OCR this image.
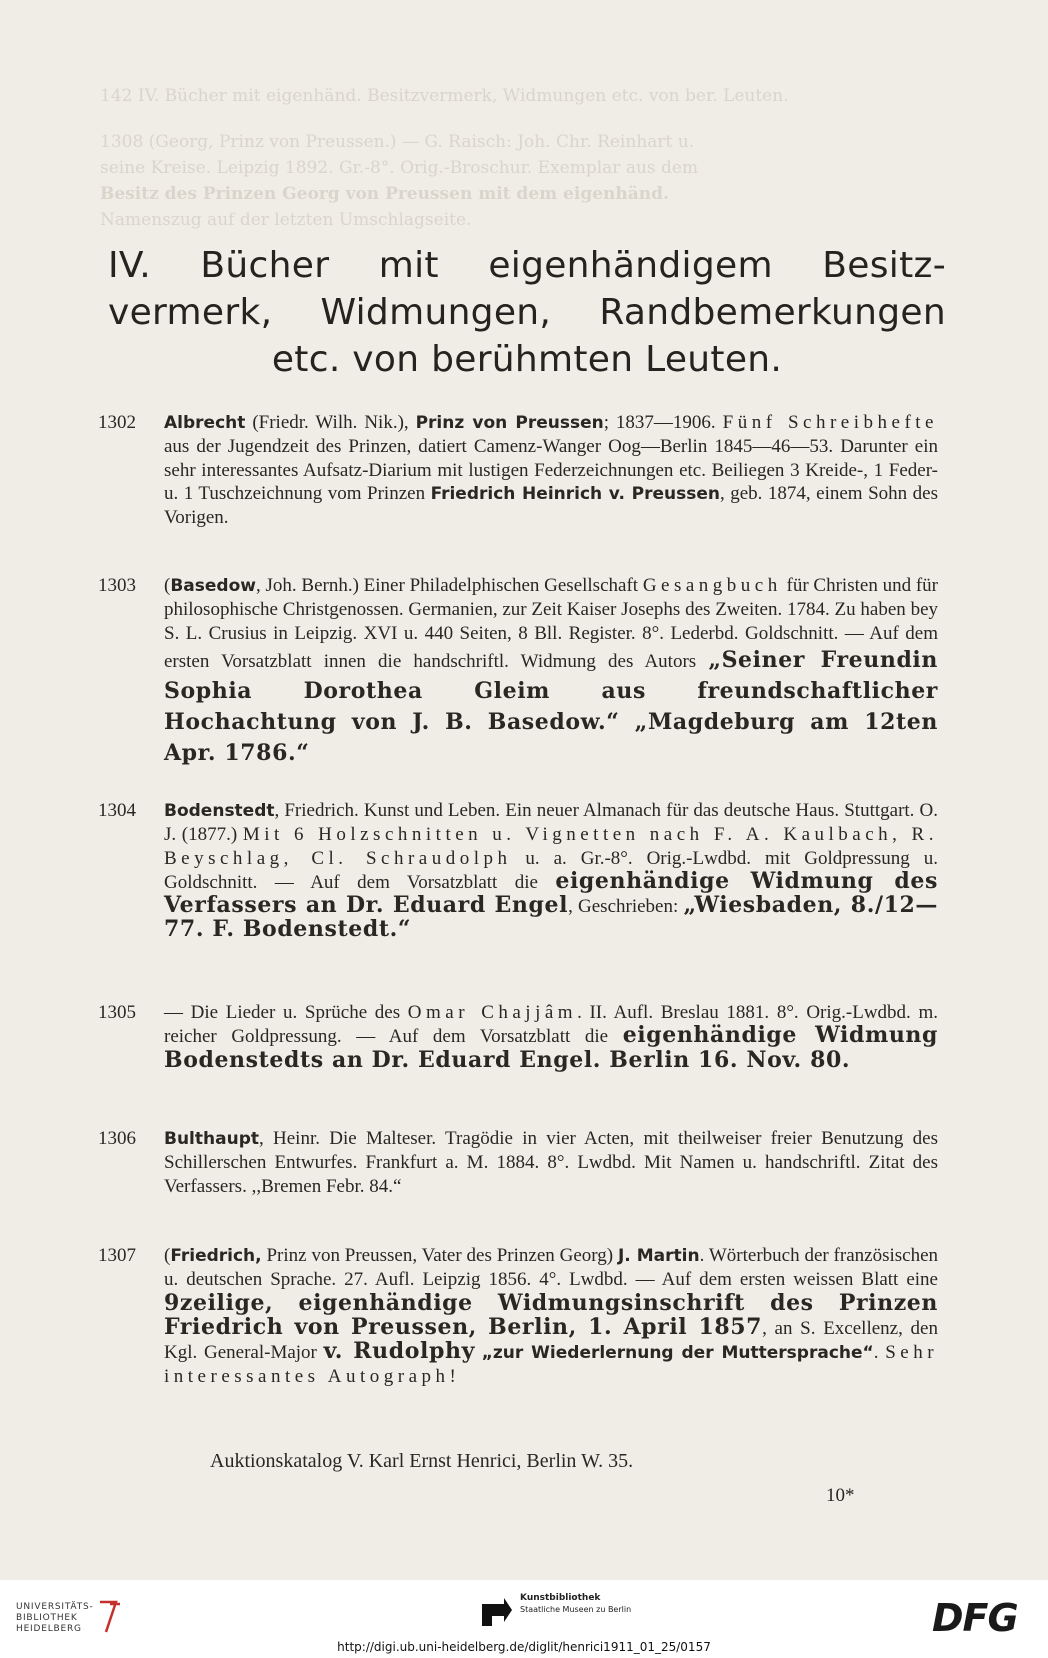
142 IV. Bücher mit eigenhänd. Besitzvermerk, Widmungen etc. von ber. Leuten.
1308 (Georg, Prinz von Preussen.) — G. Raisch: Joh. Chr. Reinhart u.
seine Kreise. Leipzig 1892. Gr.-8°. Orig.-Broschur. Exemplar aus dem
Besitz des Prinzen Georg von Preussen mit dem eigenhänd.
Namenszug auf der letzten Umschlagseite.
IV. Bücher mit eigenhändigem Besitz-
vermerk, Widmungen, Randbemerkungen
etc. von berühmten Leuten.
1302	Albrecht (Friedr. Wilh. Nik.), Prinz von Preussen; 1837—1906. Fünf Schreibhefte aus der Jugendzeit des Prinzen, datiert Camenz-Wanger Oog—Berlin 1845—46—53. Darunter ein sehr interessantes Aufsatz-Diarium mit lustigen Federzeichnungen etc. Beiliegen 3 Kreide-, 1 Feder- u. 1 Tuschzeichnung vom Prinzen Friedrich Heinrich v. Preussen, geb. 1874, einem Sohn des Vorigen.
1303	(Basedow, Joh. Bernh.) Einer Philadelphischen Gesellschaft Gesangbuch für Christen und für philosophische Christgenossen. Germanien, zur Zeit Kaiser Josephs des Zweiten. 1784. Zu haben bey S. L. Crusius in Leipzig. XVI u. 440 Seiten, 8 Bll. Register. 8°. Lederbd. Goldschnitt. — Auf dem ersten Vorsatzblatt innen die handschriftl. Widmung des Autors „Seiner Freundin Sophia Dorothea Gleim aus freundschaftlicher Hochachtung von J. B. Basedow.“ „Magdeburg am 12ten Apr. 1786.“
1304	Bodenstedt, Friedrich. Kunst und Leben. Ein neuer Almanach für das deutsche Haus. Stuttgart. O. J. (1877.) Mit 6 Holzschnitten u. Vignetten nach F. A. Kaulbach, R. Beyschlag, Cl. Schraudolph u. a. Gr.-8°. Orig.-Lwdbd. mit Goldpressung u. Goldschnitt. — Auf dem Vorsatzblatt die eigenhändige Widmung des Verfassers an Dr. Eduard Engel, Geschrieben: „Wiesbaden, 8./12—77. F. Bodenstedt.“
1305	— Die Lieder u. Sprüche des Omar Chajjâm. II. Aufl. Breslau 1881. 8°. Orig.-Lwdbd. m. reicher Goldpressung. — Auf dem Vorsatzblatt die eigenhändige Widmung Bodenstedts an Dr. Eduard Engel. Berlin 16. Nov. 80.
1306	Bulthaupt, Heinr. Die Malteser. Tragödie in vier Acten, mit theilweiser freier Benutzung des Schillerschen Entwurfes. Frankfurt a. M. 1884. 8°. Lwdbd. Mit Namen u. handschriftl. Zitat des Verfassers. ,,Bremen Febr. 84.“
1307	(Friedrich, Prinz von Preussen, Vater des Prinzen Georg) J. Martin. Wörterbuch der französischen u. deutschen Sprache. 27. Aufl. Leipzig 1856. 4°. Lwdbd. — Auf dem ersten weissen Blatt eine 9zeilige, eigenhändige Widmungsinschrift des Prinzen Friedrich von Preussen, Berlin, 1. April 1857, an S. Excellenz, den Kgl. General-Major v. Rudolphy „zur Wiederlernung der Muttersprache“. Sehr interessantes Autograph!
Auktionskatalog V. Karl Ernst Henrici, Berlin W. 35.
10*
UNIVERSITÄTS-
BIBLIOTHEK
HEIDELBERG
Kunstbibliothek
Staatliche Museen zu Berlin	DFG
http://digi.ub.uni-heidelberg.de/diglit/henrici1911_01_25/0157
